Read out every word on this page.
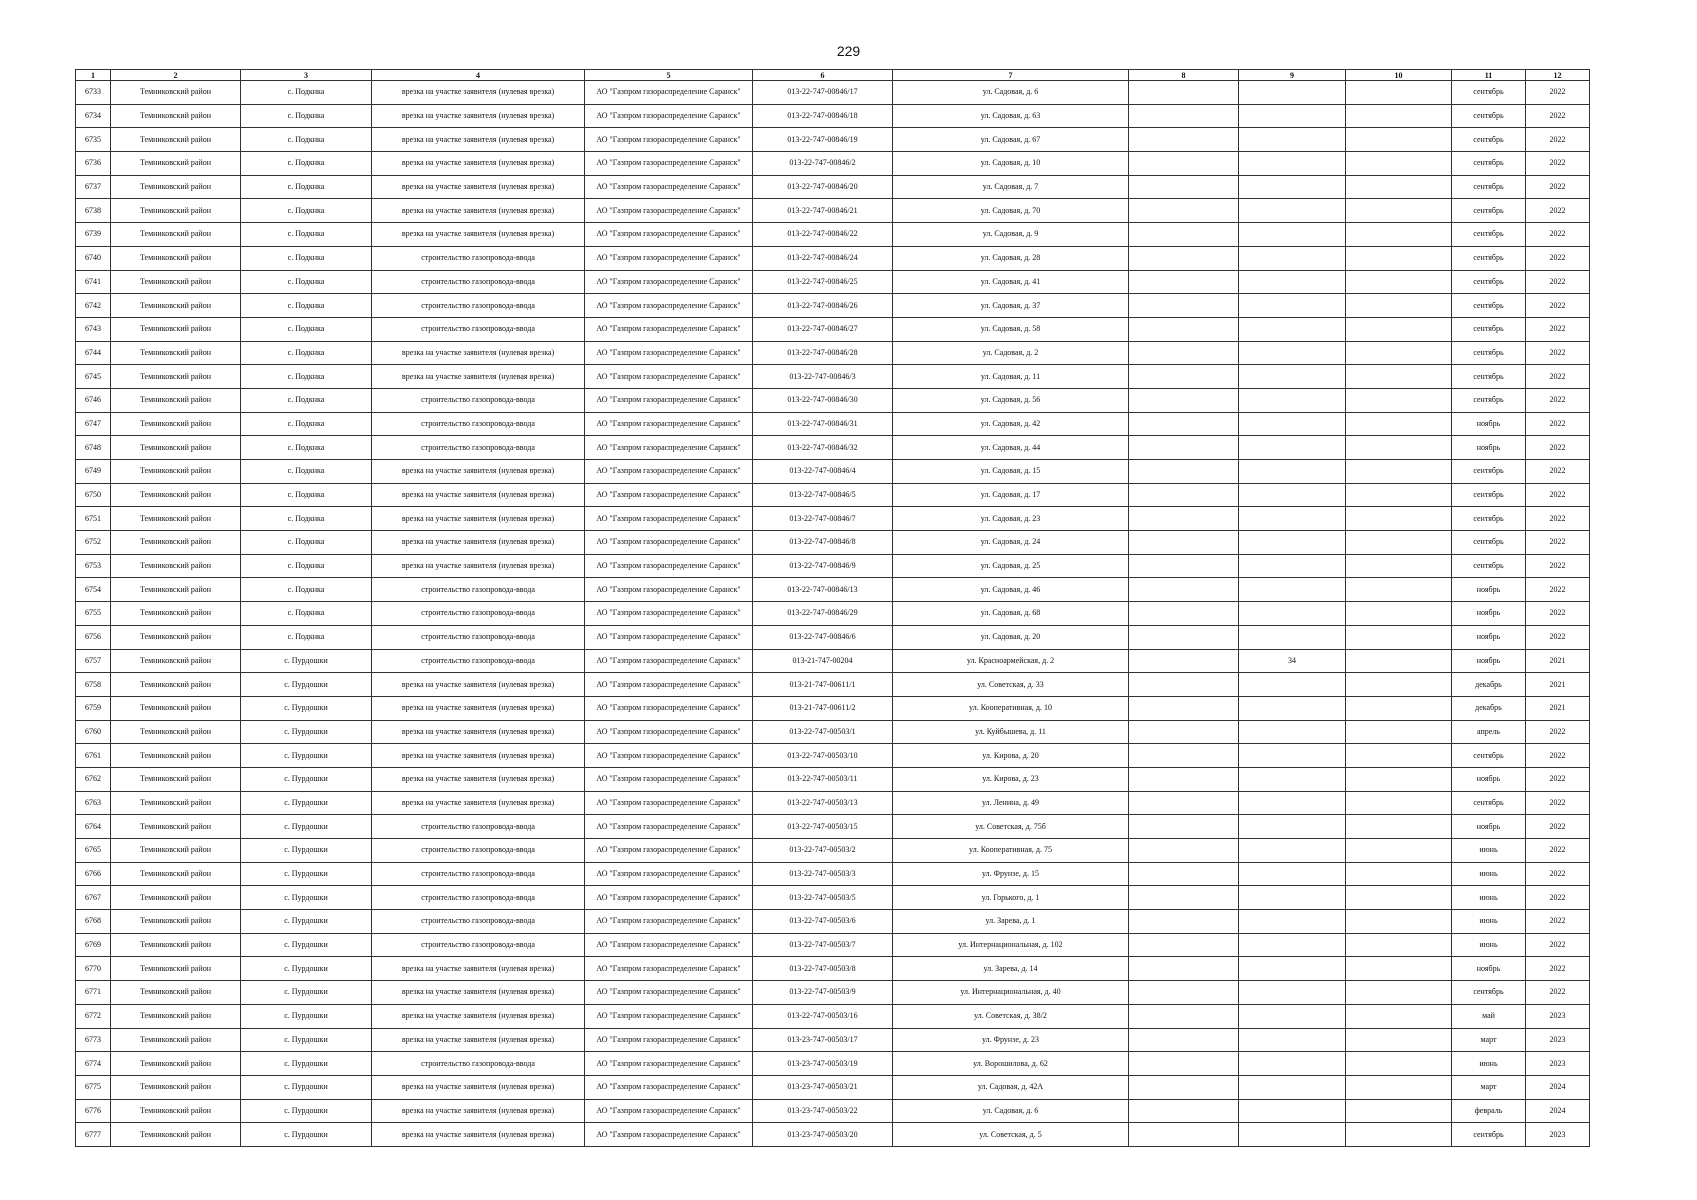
229
1	2	3	4	5	6	7	8	9	10	11	12
6733	Темниковский район	с. Подкнка	врезка на участке заявителя (нулевая врезка)	АО "Газпром газораспределение Саранск"	013-22-747-00846/17	ул. Садовая, д. 6				сентябрь	2022
6734	Темниковский район	с. Подкнка	врезка на участке заявителя (нулевая врезка)	АО "Газпром газораспределение Саранск"	013-22-747-00846/18	ул. Садовая, д. 63				сентябрь	2022
6735	Темниковский район	с. Подкнка	врезка на участке заявителя (нулевая врезка)	АО "Газпром газораспределение Саранск"	013-22-747-00846/19	ул. Садовая, д. 67				сентябрь	2022
6736	Темниковский район	с. Подкнка	врезка на участке заявителя (нулевая врезка)	АО "Газпром газораспределение Саранск"	013-22-747-00846/2	ул. Садовая, д. 10				сентябрь	2022
6737	Темниковский район	с. Подкнка	врезка на участке заявителя (нулевая врезка)	АО "Газпром газораспределение Саранск"	013-22-747-00846/20	ул. Садовая, д. 7				сентябрь	2022
6738	Темниковский район	с. Подкнка	врезка на участке заявителя (нулевая врезка)	АО "Газпром газораспределение Саранск"	013-22-747-00846/21	ул. Садовая, д. 70				сентябрь	2022
6739	Темниковский район	с. Подкнка	врезка на участке заявителя (нулевая врезка)	АО "Газпром газораспределение Саранск"	013-22-747-00846/22	ул. Садовая, д. 9				сентябрь	2022
6740	Темниковский район	с. Подкнка	строительство газопровода-ввода	АО "Газпром газораспределение Саранск"	013-22-747-00846/24	ул. Садовая, д. 28				сентябрь	2022
6741	Темниковский район	с. Подкнка	строительство газопровода-ввода	АО "Газпром газораспределение Саранск"	013-22-747-00846/25	ул. Садовая, д. 41				сентябрь	2022
6742	Темниковский район	с. Подкнка	строительство газопровода-ввода	АО "Газпром газораспределение Саранск"	013-22-747-00846/26	ул. Садовая, д. 37				сентябрь	2022
6743	Темниковский район	с. Подкнка	строительство газопровода-ввода	АО "Газпром газораспределение Саранск"	013-22-747-00846/27	ул. Садовая, д. 58				сентябрь	2022
6744	Темниковский район	с. Подкнка	врезка на участке заявителя (нулевая врезка)	АО "Газпром газораспределение Саранск"	013-22-747-00846/28	ул. Садовая, д. 2				сентябрь	2022
6745	Темниковский район	с. Подкнка	врезка на участке заявителя (нулевая врезка)	АО "Газпром газораспределение Саранск"	013-22-747-00846/3	ул. Садовая, д. 11				сентябрь	2022
6746	Темниковский район	с. Подкнка	строительство газопровода-ввода	АО "Газпром газораспределение Саранск"	013-22-747-00846/30	ул. Садовая, д. 56				сентябрь	2022
6747	Темниковский район	с. Подкнка	строительство газопровода-ввода	АО "Газпром газораспределение Саранск"	013-22-747-00846/31	ул. Садовая, д. 42				ноябрь	2022
6748	Темниковский район	с. Подкнка	строительство газопровода-ввода	АО "Газпром газораспределение Саранск"	013-22-747-00846/32	ул. Садовая, д. 44				ноябрь	2022
6749	Темниковский район	с. Подкнка	врезка на участке заявителя (нулевая врезка)	АО "Газпром газораспределение Саранск"	013-22-747-00846/4	ул. Садовая, д. 15				сентябрь	2022
6750	Темниковский район	с. Подкнка	врезка на участке заявителя (нулевая врезка)	АО "Газпром газораспределение Саранск"	013-22-747-00846/5	ул. Садовая, д. 17				сентябрь	2022
6751	Темниковский район	с. Подкнка	врезка на участке заявителя (нулевая врезка)	АО "Газпром газораспределение Саранск"	013-22-747-00846/7	ул. Садовая, д. 23				сентябрь	2022
6752	Темниковский район	с. Подкнка	врезка на участке заявителя (нулевая врезка)	АО "Газпром газораспределение Саранск"	013-22-747-00846/8	ул. Садовая, д. 24				сентябрь	2022
6753	Темниковский район	с. Подкнка	врезка на участке заявителя (нулевая врезка)	АО "Газпром газораспределение Саранск"	013-22-747-00846/9	ул. Садовая, д. 25				сентябрь	2022
6754	Темниковский район	с. Подкнка	строительство газопровода-ввода	АО "Газпром газораспределение Саранск"	013-22-747-00846/13	ул. Садовая, д. 46				ноябрь	2022
6755	Темниковский район	с. Подкнка	строительство газопровода-ввода	АО "Газпром газораспределение Саранск"	013-22-747-00846/29	ул. Садовая, д. 68				ноябрь	2022
6756	Темниковский район	с. Подкнка	строительство газопровода-ввода	АО "Газпром газораспределение Саранск"	013-22-747-00846/6	ул. Садовая, д. 20				ноябрь	2022
6757	Темниковский район	с. Пурдошки	строительство газопровода-ввода	АО "Газпром газораспределение Саранск"	013-21-747-00204	ул. Красноармейская, д. 2		34		ноябрь	2021
6758	Темниковский район	с. Пурдошки	врезка на участке заявителя (нулевая врезка)	АО "Газпром газораспределение Саранск"	013-21-747-00611/1	ул. Советская, д. 33				декабрь	2021
6759	Темниковский район	с. Пурдошки	врезка на участке заявителя (нулевая врезка)	АО "Газпром газораспределение Саранск"	013-21-747-00611/2	ул. Кооперативная, д. 10				декабрь	2021
6760	Темниковский район	с. Пурдошки	врезка на участке заявителя (нулевая врезка)	АО "Газпром газораспределение Саранск"	013-22-747-00503/1	ул. Куйбышева, д. 11				апрель	2022
6761	Темниковский район	с. Пурдошки	врезка на участке заявителя (нулевая врезка)	АО "Газпром газораспределение Саранск"	013-22-747-00503/10	ул. Кирова, д. 20				сентябрь	2022
6762	Темниковский район	с. Пурдошки	врезка на участке заявителя (нулевая врезка)	АО "Газпром газораспределение Саранск"	013-22-747-00503/11	ул. Кирова, д. 23				ноябрь	2022
6763	Темниковский район	с. Пурдошки	врезка на участке заявителя (нулевая врезка)	АО "Газпром газораспределение Саранск"	013-22-747-00503/13	ул. Ленина, д. 49				сентябрь	2022
6764	Темниковский район	с. Пурдошки	строительство газопровода-ввода	АО "Газпром газораспределение Саранск"	013-22-747-00503/15	ул. Советская, д. 75б				ноябрь	2022
6765	Темниковский район	с. Пурдошки	строительство газопровода-ввода	АО "Газпром газораспределение Саранск"	013-22-747-00503/2	ул. Кооперативная, д. 75				июнь	2022
6766	Темниковский район	с. Пурдошки	строительство газопровода-ввода	АО "Газпром газораспределение Саранск"	013-22-747-00503/3	ул. Фрунзе, д. 15				июнь	2022
6767	Темниковский район	с. Пурдошки	строительство газопровода-ввода	АО "Газпром газораспределение Саранск"	013-22-747-00503/5	ул. Горького, д. 1				июнь	2022
6768	Темниковский район	с. Пурдошки	строительство газопровода-ввода	АО "Газпром газораспределение Саранск"	013-22-747-00503/6	ул. Зарева, д. 1				июнь	2022
6769	Темниковский район	с. Пурдошки	строительство газопровода-ввода	АО "Газпром газораспределение Саранск"	013-22-747-00503/7	ул. Интернациональная, д. 102				июнь	2022
6770	Темниковский район	с. Пурдошки	врезка на участке заявителя (нулевая врезка)	АО "Газпром газораспределение Саранск"	013-22-747-00503/8	ул. Зарева, д. 14				ноябрь	2022
6771	Темниковский район	с. Пурдошки	врезка на участке заявителя (нулевая врезка)	АО "Газпром газораспределение Саранск"	013-22-747-00503/9	ул. Интернациональная, д. 40				сентябрь	2022
6772	Темниковский район	с. Пурдошки	врезка на участке заявителя (нулевая врезка)	АО "Газпром газораспределение Саранск"	013-22-747-00503/16	ул. Советская, д. 38/2				май	2023
6773	Темниковский район	с. Пурдошки	врезка на участке заявителя (нулевая врезка)	АО "Газпром газораспределение Саранск"	013-23-747-00503/17	ул. Фрунзе, д. 23				март	2023
6774	Темниковский район	с. Пурдошки	строительство газопровода-ввода	АО "Газпром газораспределение Саранск"	013-23-747-00503/19	ул. Ворошилова, д. 62				июнь	2023
6775	Темниковский район	с. Пурдошки	врезка на участке заявителя (нулевая врезка)	АО "Газпром газораспределение Саранск"	013-23-747-00503/21	ул. Садовая, д. 42А				март	2024
6776	Темниковский район	с. Пурдошки	врезка на участке заявителя (нулевая врезка)	АО "Газпром газораспределение Саранск"	013-23-747-00503/22	ул. Садовая, д. 6				февраль	2024
6777	Темниковский район	с. Пурдошки	врезка на участке заявителя (нулевая врезка)	АО "Газпром газораспределение Саранск"	013-23-747-00503/20	ул. Советская, д. 5				сентябрь	2023
